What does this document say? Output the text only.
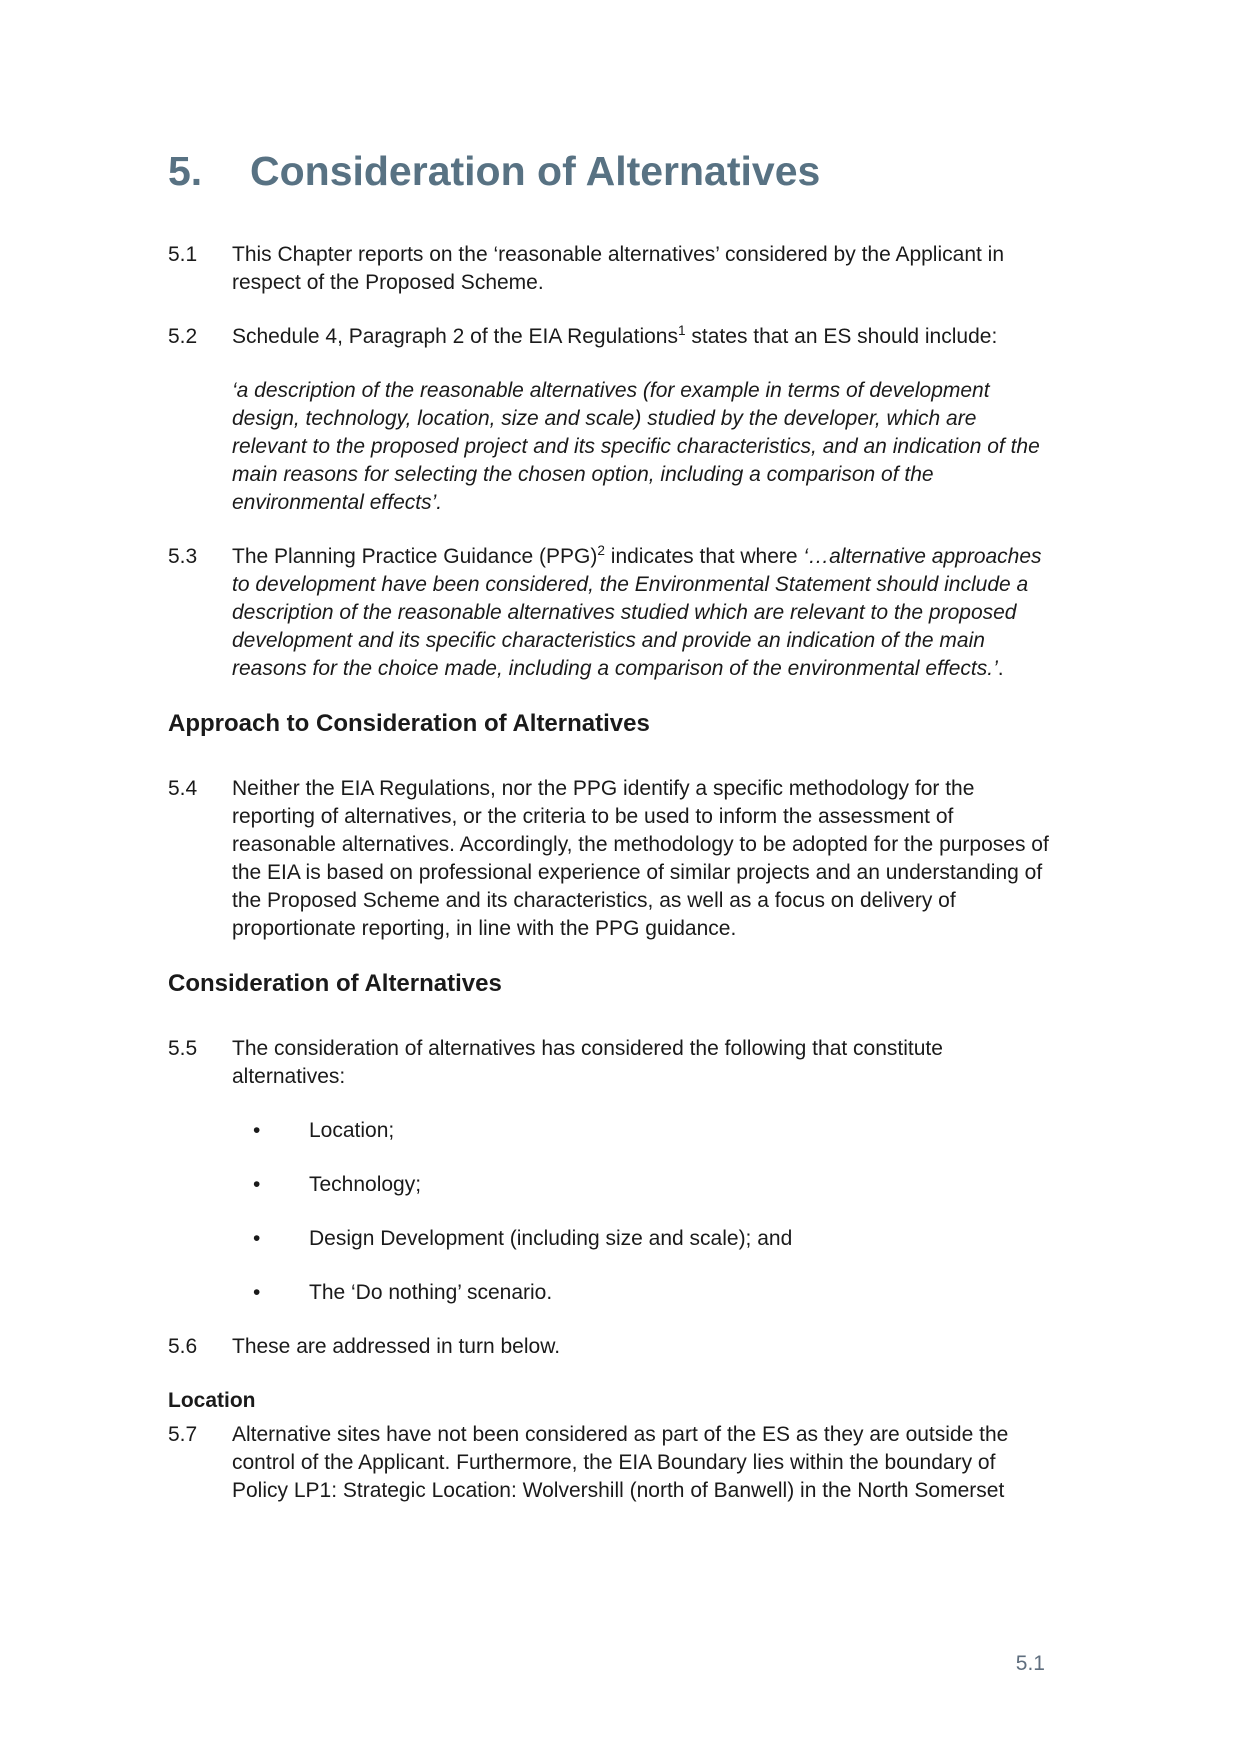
5. Consideration of Alternatives
5.1 This Chapter reports on the ‘reasonable alternatives’ considered by the Applicant in respect of the Proposed Scheme.
5.2 Schedule 4, Paragraph 2 of the EIA Regulations$^1$ states that an ES should include:
‘a description of the reasonable alternatives (for example in terms of development design, technology, location, size and scale) studied by the developer, which are relevant to the proposed project and its specific characteristics, and an indication of the main reasons for selecting the chosen option, including a comparison of the environmental effects’.
5.3 The Planning Practice Guidance (PPG)$^2$ indicates that where ‘…alternative approaches to development have been considered, the Environmental Statement should include a description of the reasonable alternatives studied which are relevant to the proposed development and its specific characteristics and provide an indication of the main reasons for the choice made, including a comparison of the environmental effects.’.
Approach to Consideration of Alternatives
5.4 Neither the EIA Regulations, nor the PPG identify a specific methodology for the reporting of alternatives, or the criteria to be used to inform the assessment of reasonable alternatives. Accordingly, the methodology to be adopted for the purposes of the EIA is based on professional experience of similar projects and an understanding of the Proposed Scheme and its characteristics, as well as a focus on delivery of proportionate reporting, in line with the PPG guidance.
Consideration of Alternatives
5.5 The consideration of alternatives has considered the following that constitute alternatives:
• Location;
• Technology;
• Design Development (including size and scale); and
• The ‘Do nothing’ scenario.
5.6 These are addressed in turn below.
Location
5.7 Alternative sites have not been considered as part of the ES as they are outside the control of the Applicant. Furthermore, the EIA Boundary lies within the boundary of Policy LP1: Strategic Location: Wolvershill (north of Banwell) in the North Somerset
5.1
